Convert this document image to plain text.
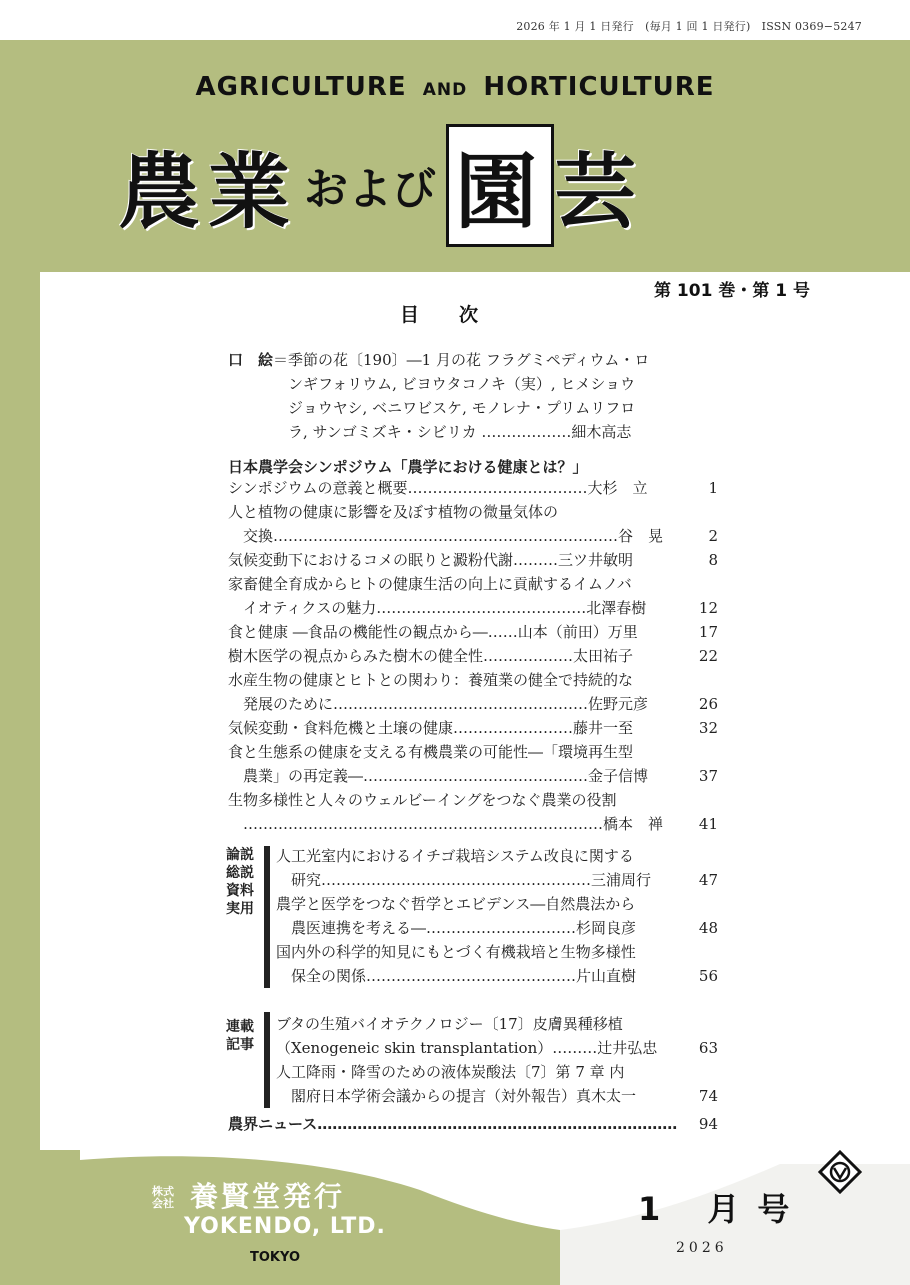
2026 年 1 月 1 日発行　(毎月 1 回 1 日発行)　ISSN 0369−5247
AGRICULTURE AND HORTICULTURE
農業 および 園 芸
第 101 巻・第 1 号
目次
口　絵＝季節の花〔190〕―1 月の花 フラグミペディウム・ロ
ンギフォリウム, ビヨウタコノキ（実）, ヒメショウ
ジョウヤシ, ベニワビスケ, モノレナ・プリムリフロ
ラ, サンゴミズキ・シビリカ ………………細木高志
日本農学会シンポジウム「農学における健康とは？」
シンポジウムの意義と概要………………………………大杉　立	1
人と植物の健康に影響を及ぼす植物の微量気体の
　交換……………………………………………………………谷　晃	2
気候変動下におけるコメの眠りと澱粉代謝………三ツ井敏明	8
家畜健全育成からヒトの健康生活の向上に貢献するイムノバ
　イオティクスの魅力……………………………………北澤春樹	12
食と健康 ―食品の機能性の観点から―……山本（前田）万里	17
樹木医学の視点からみた樹木の健全性………………太田祐子	22
水産生物の健康とヒトとの関わり：養殖業の健全で持続的な
　発展のために……………………………………………佐野元彦	26
気候変動・食料危機と土壌の健康……………………藤井一至	32
食と生態系の健康を支える有機農業の可能性―「環境再生型
　農業」の再定義―………………………………………金子信博	37
生物多様性と人々のウェルビーイングをつなぐ農業の役割
　………………………………………………………………橋本　禅	41
論説
総説
資料
実用
人工光室内におけるイチゴ栽培システム改良に関する
　研究………………………………………………三浦周行	47
農学と医学をつなぐ哲学とエビデンス―自然農法から
　農医連携を考える―…………………………杉岡良彦	48
国内外の科学的知見にもとづく有機栽培と生物多様性
　保全の関係……………………………………片山直樹	56
連載
記事
ブタの生殖バイオテクノロジー〔17〕皮膚異種移植
（Xenogeneic skin transplantation）………辻井弘忠	63
人工降雨・降雪のための液体炭酸法〔7〕第 7 章 内
　閣府日本学術会議からの提言（対外報告）真木太一	74
農界ニュース………………………………………………………………	94
株式会社 養賢堂発行
YOKENDO, LTD.
TOKYO
1 月号
2026
